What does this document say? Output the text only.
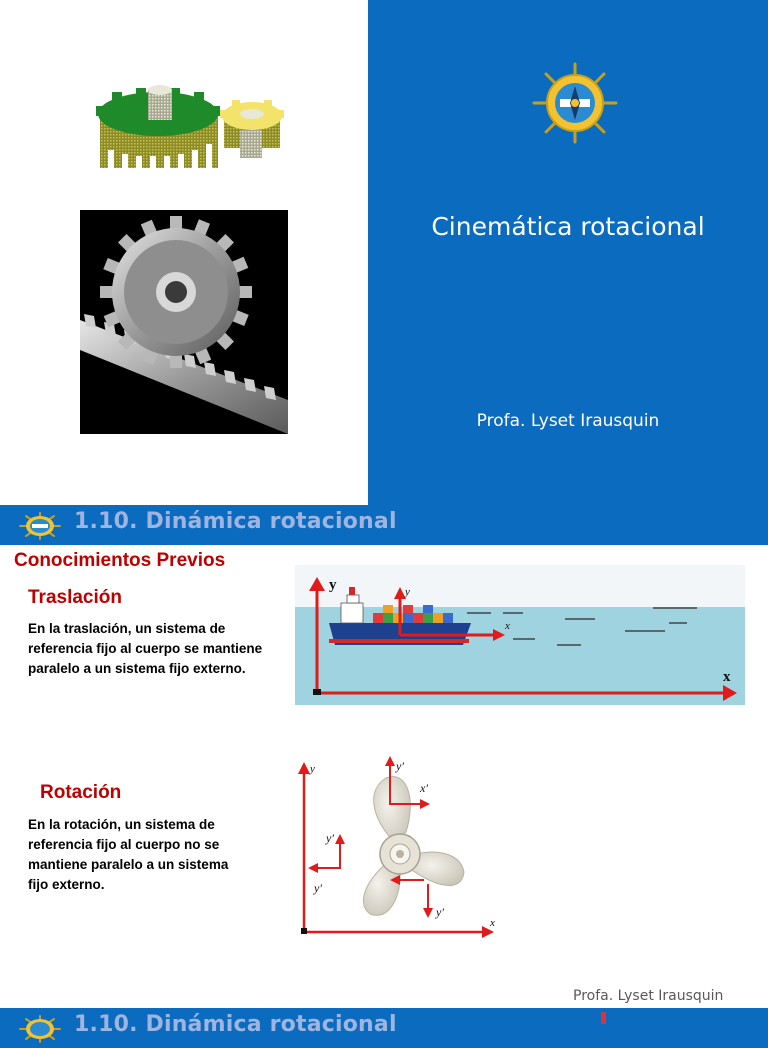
Cinemática rotacional
Profa. Lyset Irausquin
1.10. Dinámica rotacional
Conocimientos Previos
Traslación
En la traslación, un sistema de
referencia fijo al cuerpo se mantiene
paralelo a un sistema fijo externo.
y
x
y
x
Rotación
En la rotación, un sistema de
referencia fijo al cuerpo no se
mantiene paralelo a un sistema
fijo externo.
y
x
y′
x′
y′
y′
y′
Profa. Lyset Irausquin
1.10. Dinámica rotacional
